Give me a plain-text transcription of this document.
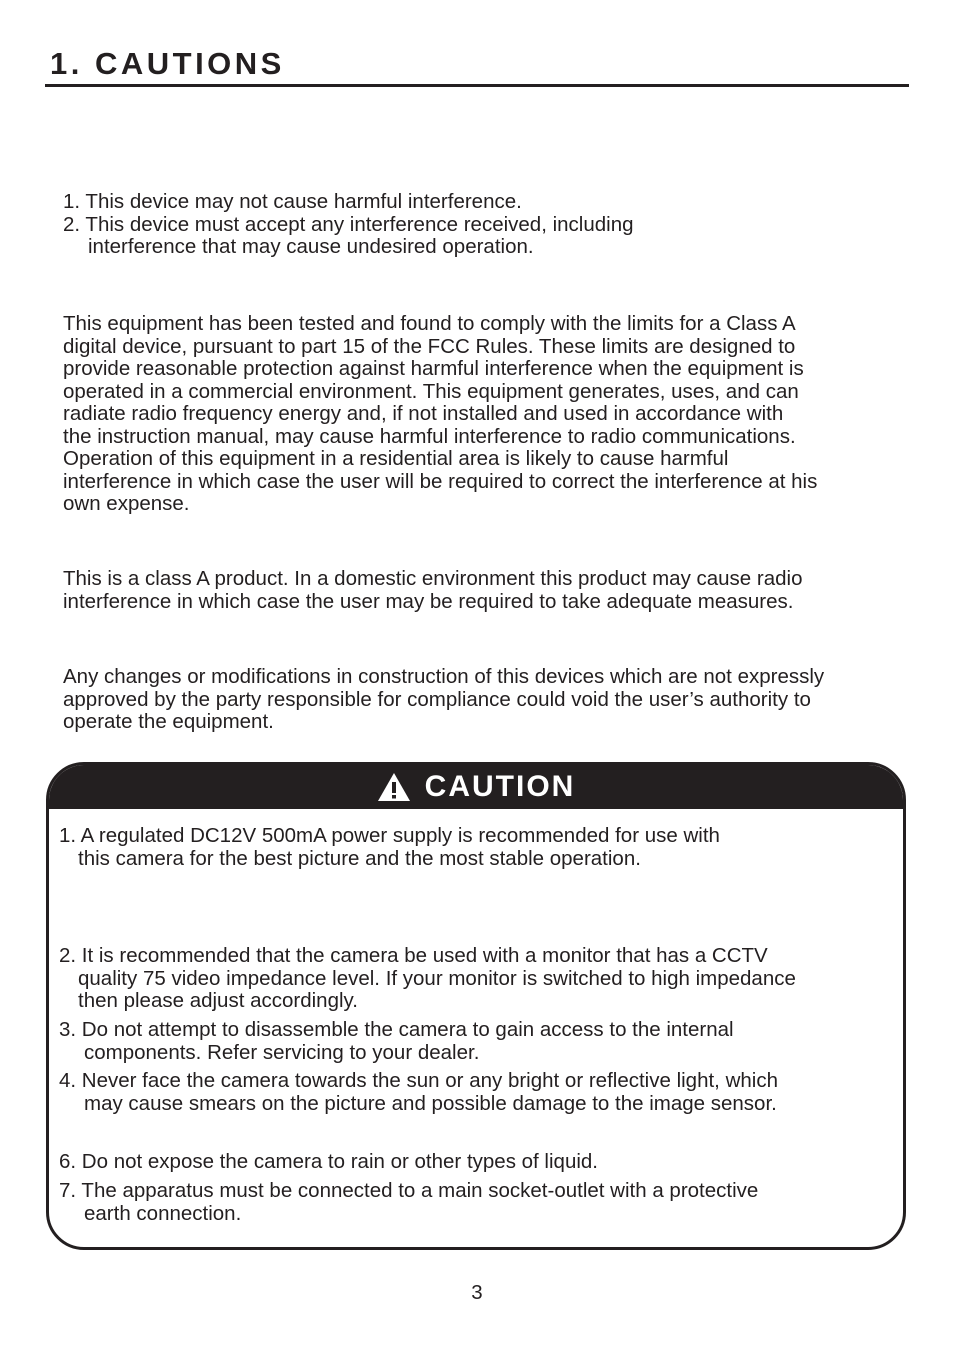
1. CAUTIONS
1. This device may not cause harmful interference.
2. This device must accept any interference received, including
interference that may cause undesired operation.
This equipment has been tested and found to comply with the limits for a Class A
digital device, pursuant to part 15 of the FCC Rules. These limits are designed to
provide reasonable protection against harmful interference when the equipment is
operated in a commercial environment. This equipment generates, uses, and can
radiate radio frequency energy and, if not installed and used in accordance with
the instruction manual, may cause harmful interference to radio communications.
Operation of this equipment in a residential area is likely to cause harmful
interference in which case the user will be required to correct the interference at his
own expense.
This is a class A product. In a domestic environment this product may cause radio
interference in which case the user may be required to take adequate measures.
Any changes or modifications in construction of this devices which are not expressly
approved by the party responsible for compliance could void the user’s authority to
operate the equipment.
CAUTION
1. A regulated DC12V 500mA power supply is recommended for use with
this camera for the best picture and the most stable operation.
2. It is recommended that the camera be used with a monitor that has a CCTV
quality 75 video impedance level. If your monitor is switched to high impedance
then please adjust accordingly.
3. Do not attempt to disassemble the camera to gain access to the internal
components. Refer servicing to your dealer.
4. Never face the camera towards the sun or any bright or reflective light, which
may cause smears on the picture and possible damage to the image sensor.
6. Do not expose the camera to rain or other types of liquid.
7. The apparatus must be connected to a main socket-outlet with a protective
earth connection.
3
